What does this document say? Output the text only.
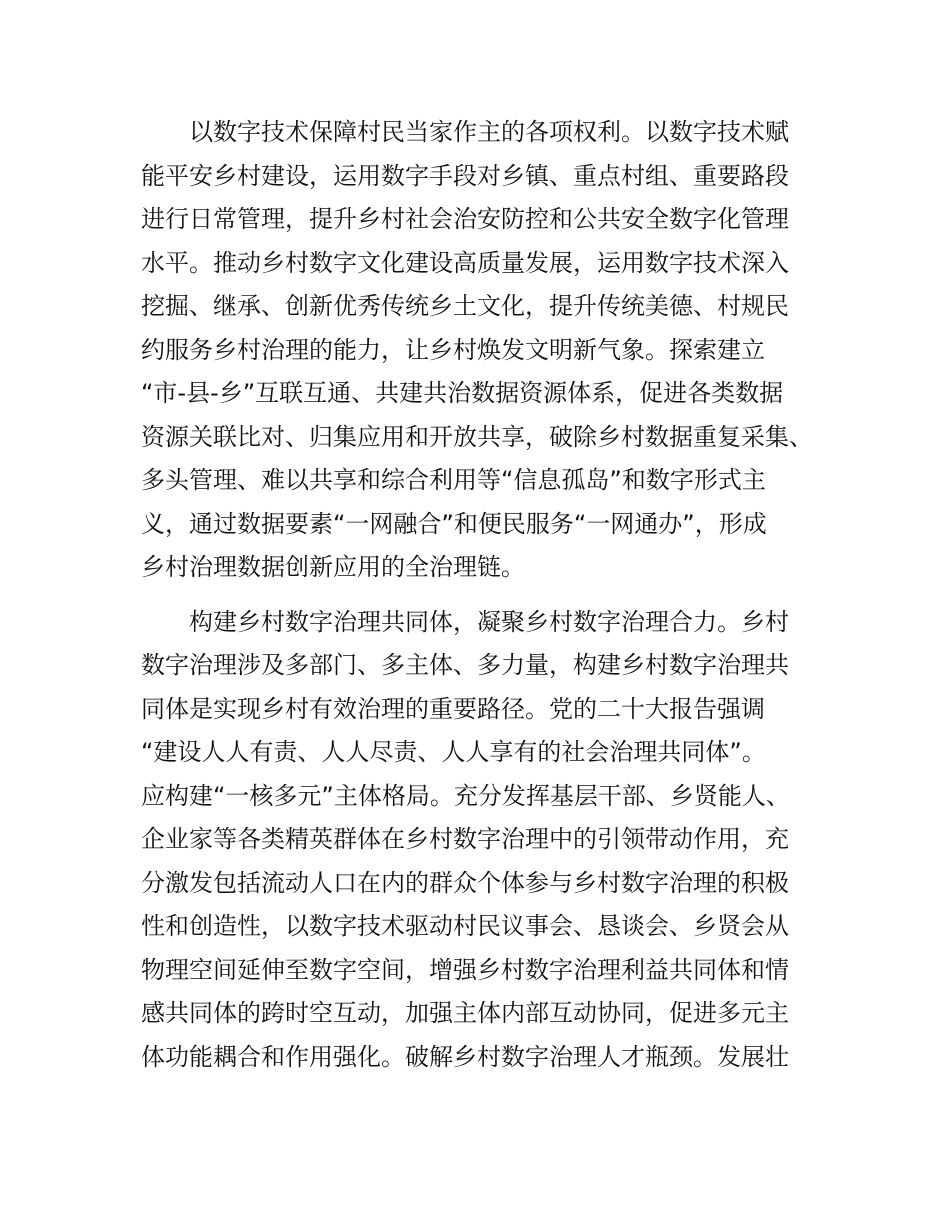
以数字技术保障村民当家作主的各项权利。以数字技术赋
能平安乡村建设，运用数字手段对乡镇、重点村组、重要路段
进行日常管理，提升乡村社会治安防控和公共安全数字化管理
水平。推动乡村数字文化建设高质量发展，运用数字技术深入
挖掘、继承、创新优秀传统乡土文化，提升传统美德、村规民
约服务乡村治理的能力，让乡村焕发文明新气象。探索建立
“市-县-乡”互联互通、共建共治数据资源体系，促进各类数据
资源关联比对、归集应用和开放共享，破除乡村数据重复采集、
多头管理、难以共享和综合利用等“信息孤岛”和数字形式主
义，通过数据要素“一网融合”和便民服务“一网通办”，形成
乡村治理数据创新应用的全治理链。

构建乡村数字治理共同体，凝聚乡村数字治理合力。乡村
数字治理涉及多部门、多主体、多力量，构建乡村数字治理共
同体是实现乡村有效治理的重要路径。党的二十大报告强调
“建设人人有责、人人尽责、人人享有的社会治理共同体”。
应构建“一核多元”主体格局。充分发挥基层干部、乡贤能人、
企业家等各类精英群体在乡村数字治理中的引领带动作用，充
分激发包括流动人口在内的群众个体参与乡村数字治理的积极
性和创造性，以数字技术驱动村民议事会、恳谈会、乡贤会从
物理空间延伸至数字空间，增强乡村数字治理利益共同体和情
感共同体的跨时空互动，加强主体内部互动协同，促进多元主
体功能耦合和作用强化。破解乡村数字治理人才瓶颈。发展壮
